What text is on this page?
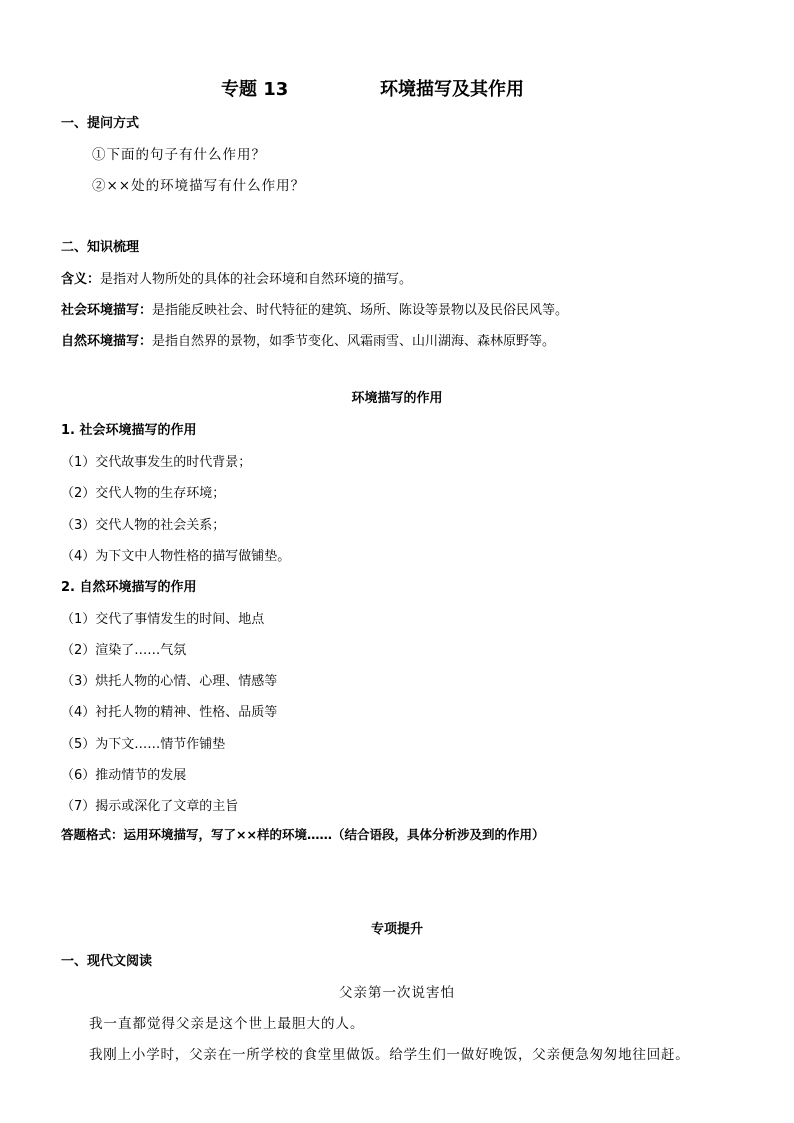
专题 13	环境描写及其作用
一、提问方式
①下面的句子有什么作用？
②××处的环境描写有什么作用？
二、知识梳理
含义：是指对人物所处的具体的社会环境和自然环境的描写。
社会环境描写：是指能反映社会、时代特征的建筑、场所、陈设等景物以及民俗民风等。
自然环境描写：是指自然界的景物，如季节变化、风霜雨雪、山川湖海、森林原野等。
环境描写的作用
1. 社会环境描写的作用
（1）交代故事发生的时代背景；
（2）交代人物的生存环境；
（3）交代人物的社会关系；
（4）为下文中人物性格的描写做铺垫。
2. 自然环境描写的作用
（1）交代了事情发生的时间、地点
（2）渲染了……气氛
（3）烘托人物的心情、心理、情感等
（4）衬托人物的精神、性格、品质等
（5）为下文……情节作铺垫
（6）推动情节的发展
（7）揭示或深化了文章的主旨
答题格式：运用环境描写，写了××样的环境……（结合语段，具体分析涉及到的作用）
专项提升
一、现代文阅读
父亲第一次说害怕
我一直都觉得父亲是这个世上最胆大的人。
我刚上小学时，父亲在一所学校的食堂里做饭。给学生们一做好晚饭，父亲便急匆匆地往回赶。
